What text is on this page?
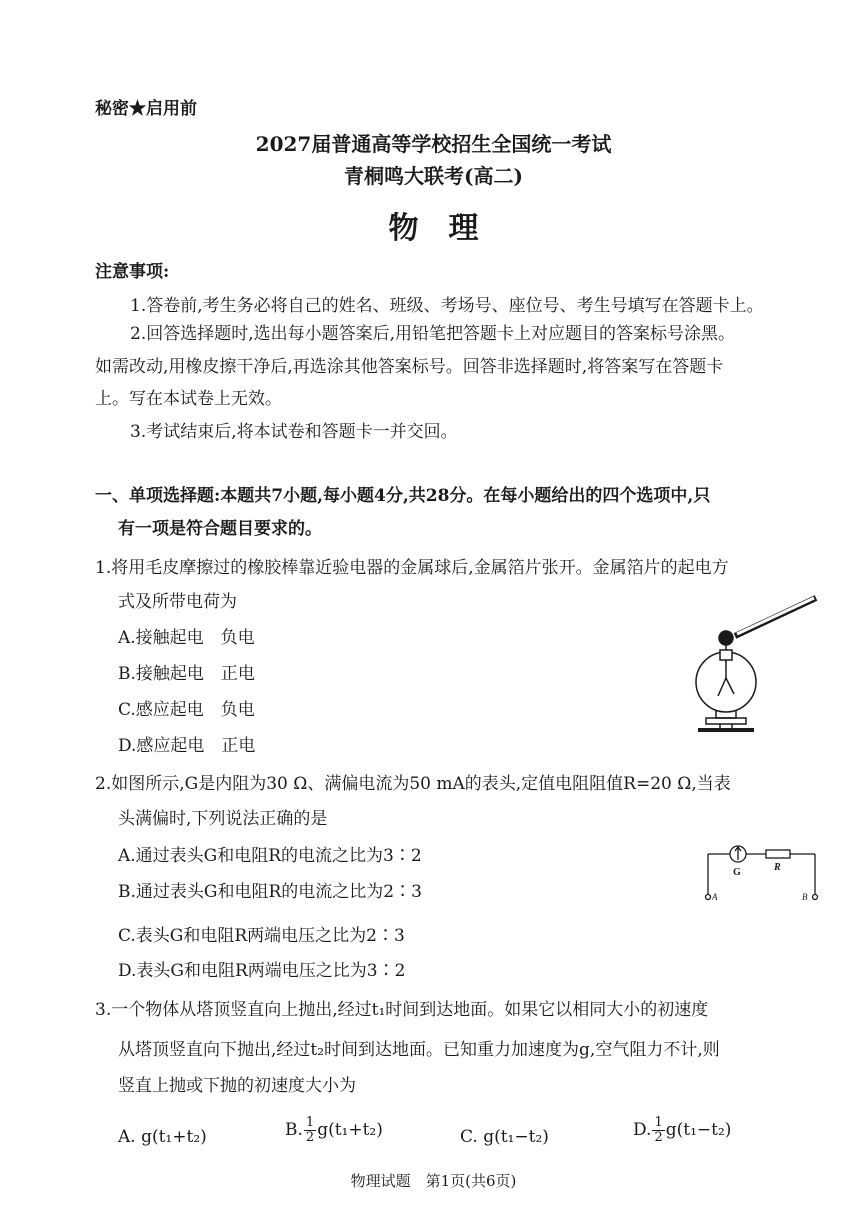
秘密★启用前
2027届普通高等学校招生全国统一考试
青桐鸣大联考(高二)
物　理
注意事项:
1.答卷前,考生务必将自己的姓名、班级、考场号、座位号、考生号填写在答题卡上。
2.回答选择题时,选出每小题答案后,用铅笔把答题卡上对应题目的答案标号涂黑。
如需改动,用橡皮擦干净后,再选涂其他答案标号。回答非选择题时,将答案写在答题卡
上。写在本试卷上无效。
3.考试结束后,将本试卷和答题卡一并交回。
一、单项选择题:本题共7小题,每小题4分,共28分。在每小题给出的四个选项中,只
有一项是符合题目要求的。
1.将用毛皮摩擦过的橡胶棒靠近验电器的金属球后,金属箔片张开。金属箔片的起电方
式及所带电荷为
A.接触起电　负电
B.接触起电　正电
C.感应起电　负电
D.感应起电　正电
2.如图所示,G是内阻为30 Ω、满偏电流为50 mA的表头,定值电阻阻值R=20 Ω,当表
头满偏时,下列说法正确的是
A.通过表头G和电阻R的电流之比为3∶2
B.通过表头G和电阻R的电流之比为2∶3
C.表头G和电阻R两端电压之比为2∶3
D.表头G和电阻R两端电压之比为3∶2
G	R
A	B
3.一个物体从塔顶竖直向上抛出,经过t₁时间到达地面。如果它以相同大小的初速度
从塔顶竖直向下抛出,经过t₂时间到达地面。已知重力加速度为g,空气阻力不计,则
竖直上抛或下抛的初速度大小为
A. g(t₁+t₂)	B. $\frac{1}{2} g(t_1+t_2)$	C. g(t₁−t₂)	D. $\frac{1}{2} g(t_1-t_2)$
物理试题　第1页(共6页)
